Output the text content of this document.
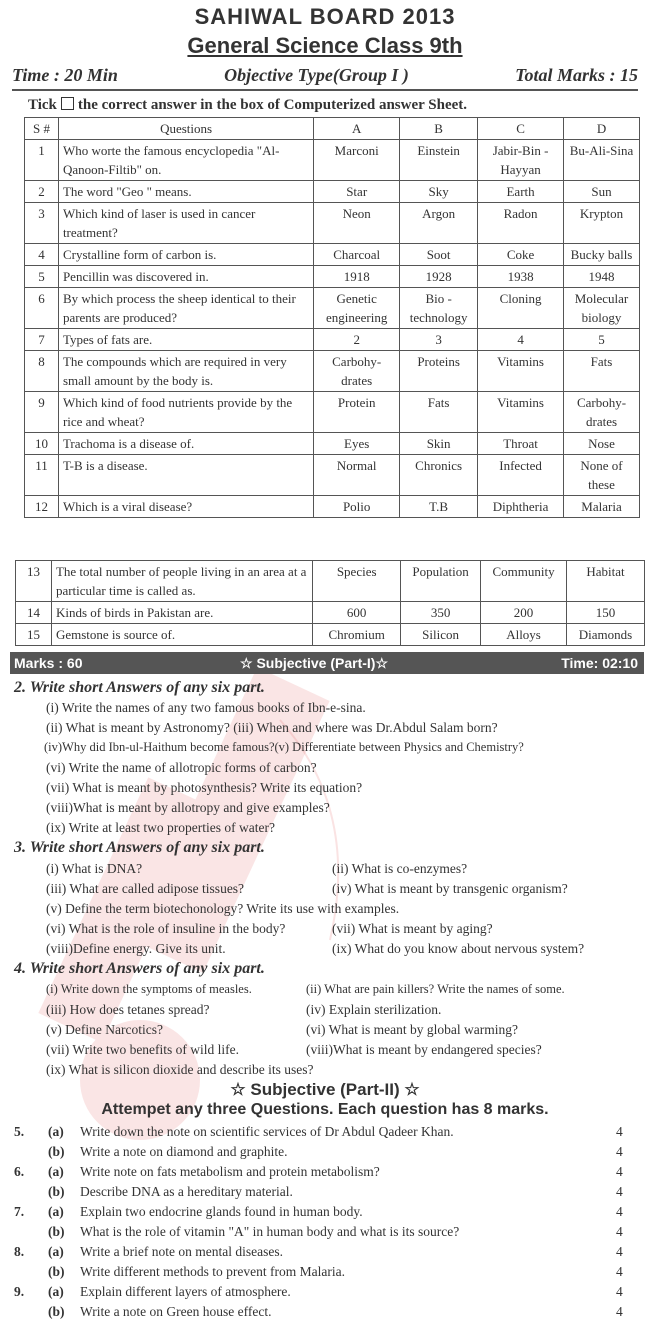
SAHIWAL BOARD 2013
General Science Class 9th
Time : 20 Min	Objective Type(Group I )	Total Marks : 15
Tick the correct answer in the box of Computerized answer Sheet.
S #	Questions	A	B	C	D
1	Who worte the famous encyclopedia "Al-Qanoon-Filtib" on.	Marconi	Einstein	Jabir-Bin -Hayyan	Bu-Ali-Sina
2	The word "Geo " means.	Star	Sky	Earth	Sun
3	Which kind of laser is used in cancer treatment?	Neon	Argon	Radon	Krypton
4	Crystalline form of carbon is.	Charcoal	Soot	Coke	Bucky balls
5	Pencillin was discovered in.	1918	1928	1938	1948
6	By which process the sheep identical to their parents are produced?	Genetic engineering	Bio - technology	Cloning	Molecular biology
7	Types of fats are.	2	3	4	5
8	The compounds which are required in very small amount by the body is.	Carbohy-drates	Proteins	Vitamins	Fats
9	Which kind of food nutrients provide by the rice and wheat?	Protein	Fats	Vitamins	Carbohy-drates
10	Trachoma is a disease of.	Eyes	Skin	Throat	Nose
11	T-B is a disease.	Normal	Chronics	Infected	None of these
12	Which is a viral disease?	Polio	T.B	Diphtheria	Malaria
13	The total number of people living in an area at a particular time is called as.	Species	Population	Community	Habitat
14	Kinds of birds in Pakistan are.	600	350	200	150
15	Gemstone is source of.	Chromium	Silicon	Alloys	Diamonds
Marks : 60	☆ Subjective (Part-I)☆	Time: 02:10
2. Write short Answers of any six part.
(i) Write the names of any two famous books of Ibn-e-sina.
(ii) What is meant by Astronomy? (iii) When and where was Dr.Abdul Salam born?
(iv)Why did Ibn-ul-Haithum become famous?(v) Differentiate between Physics and Chemistry?
(vi) Write the name of allotropic forms of carbon?
(vii) What is meant by photosynthesis? Write its equation?
(viii)What is meant by allotropy and give examples?
(ix) Write at least two properties of water?
3. Write short Answers of any six part.
(i) What is DNA?	(ii) What is co-enzymes?
(iii) What are called adipose tissues?	(iv) What is meant by transgenic organism?
(v) Define the term biotechonology? Write its use with examples.
(vi) What is the role of insuline in the body?	(vii) What is meant by aging?
(viii)Define energy. Give its unit.	(ix) What do you know about nervous system?
4. Write short Answers of any six part.
(i) Write down the symptoms of measles.	(ii) What are pain killers? Write the names of some.
(iii) How does tetanes spread?	(iv) Explain sterilization.
(v) Define Narcotics?	(vi) What is meant by global warming?
(vii) Write two benefits of wild life.	(viii)What is meant by endangered species?
(ix) What is silicon dioxide and describe its uses?
☆ Subjective (Part-II) ☆
Attempet any three Questions. Each question has 8 marks.
5. (a) Write down the note on scientific services of Dr Abdul Qadeer Khan.	4
(b) Write a note on diamond and graphite.	4
6. (a) Write note on fats metabolism and protein metabolism?	4
(b) Describe DNA as a hereditary material.	4
7. (a) Explain two endocrine glands found in human body.	4
(b) What is the role of vitamin "A" in human body and what is its source?	4
8. (a) Write a brief note on mental diseases.	4
(b) Write different methods to prevent from Malaria.	4
9. (a) Explain different layers of atmosphere.	4
(b) Write a note on Green house effect.	4
